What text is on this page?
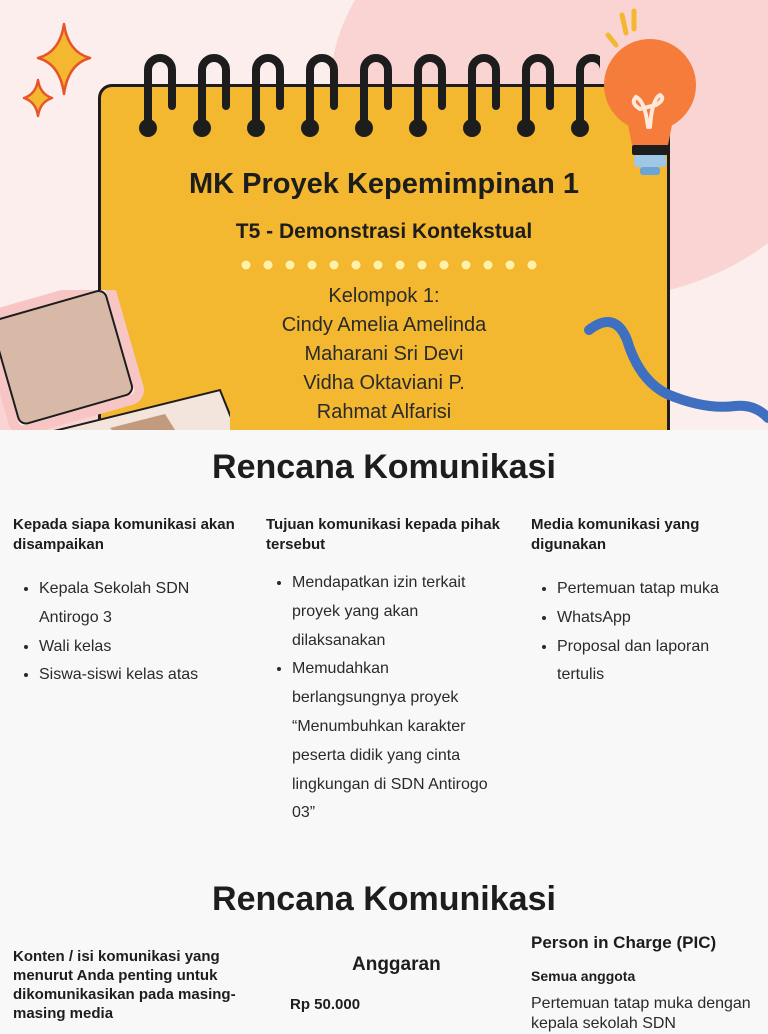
MK Proyek Kepemimpinan 1
T5 - Demonstrasi Kontekstual
Kelompok 1:
Cindy Amelia Amelinda
Maharani Sri Devi
Vidha Oktaviani P.
Rahmat Alfarisi
Rencana Komunikasi

Kepada siapa komunikasi akan disampaikan

• Kepala Sekolah SDN Antirogo 3
• Wali kelas
• Siswa-siswi kelas atas

Tujuan komunikasi kepada pihak tersebut

• Mendapatkan izin terkait proyek yang akan dilaksanakan
• Memudahkan berlangsungnya proyek “Menumbuhkan karakter peserta didik yang cinta lingkungan di SDN Antirogo 03”

Media komunikasi yang digunakan

• Pertemuan tatap muka
• WhatsApp
• Proposal dan laporan tertulis
Rencana Komunikasi

Konten / isi komunikasi yang menurut Anda penting untuk dikomunikasikan pada masing-masing media

Anggaran

Rp 50.000

Person in Charge (PIC)

Semua anggota

Pertemuan tatap muka dengan kepala sekolah SDN
